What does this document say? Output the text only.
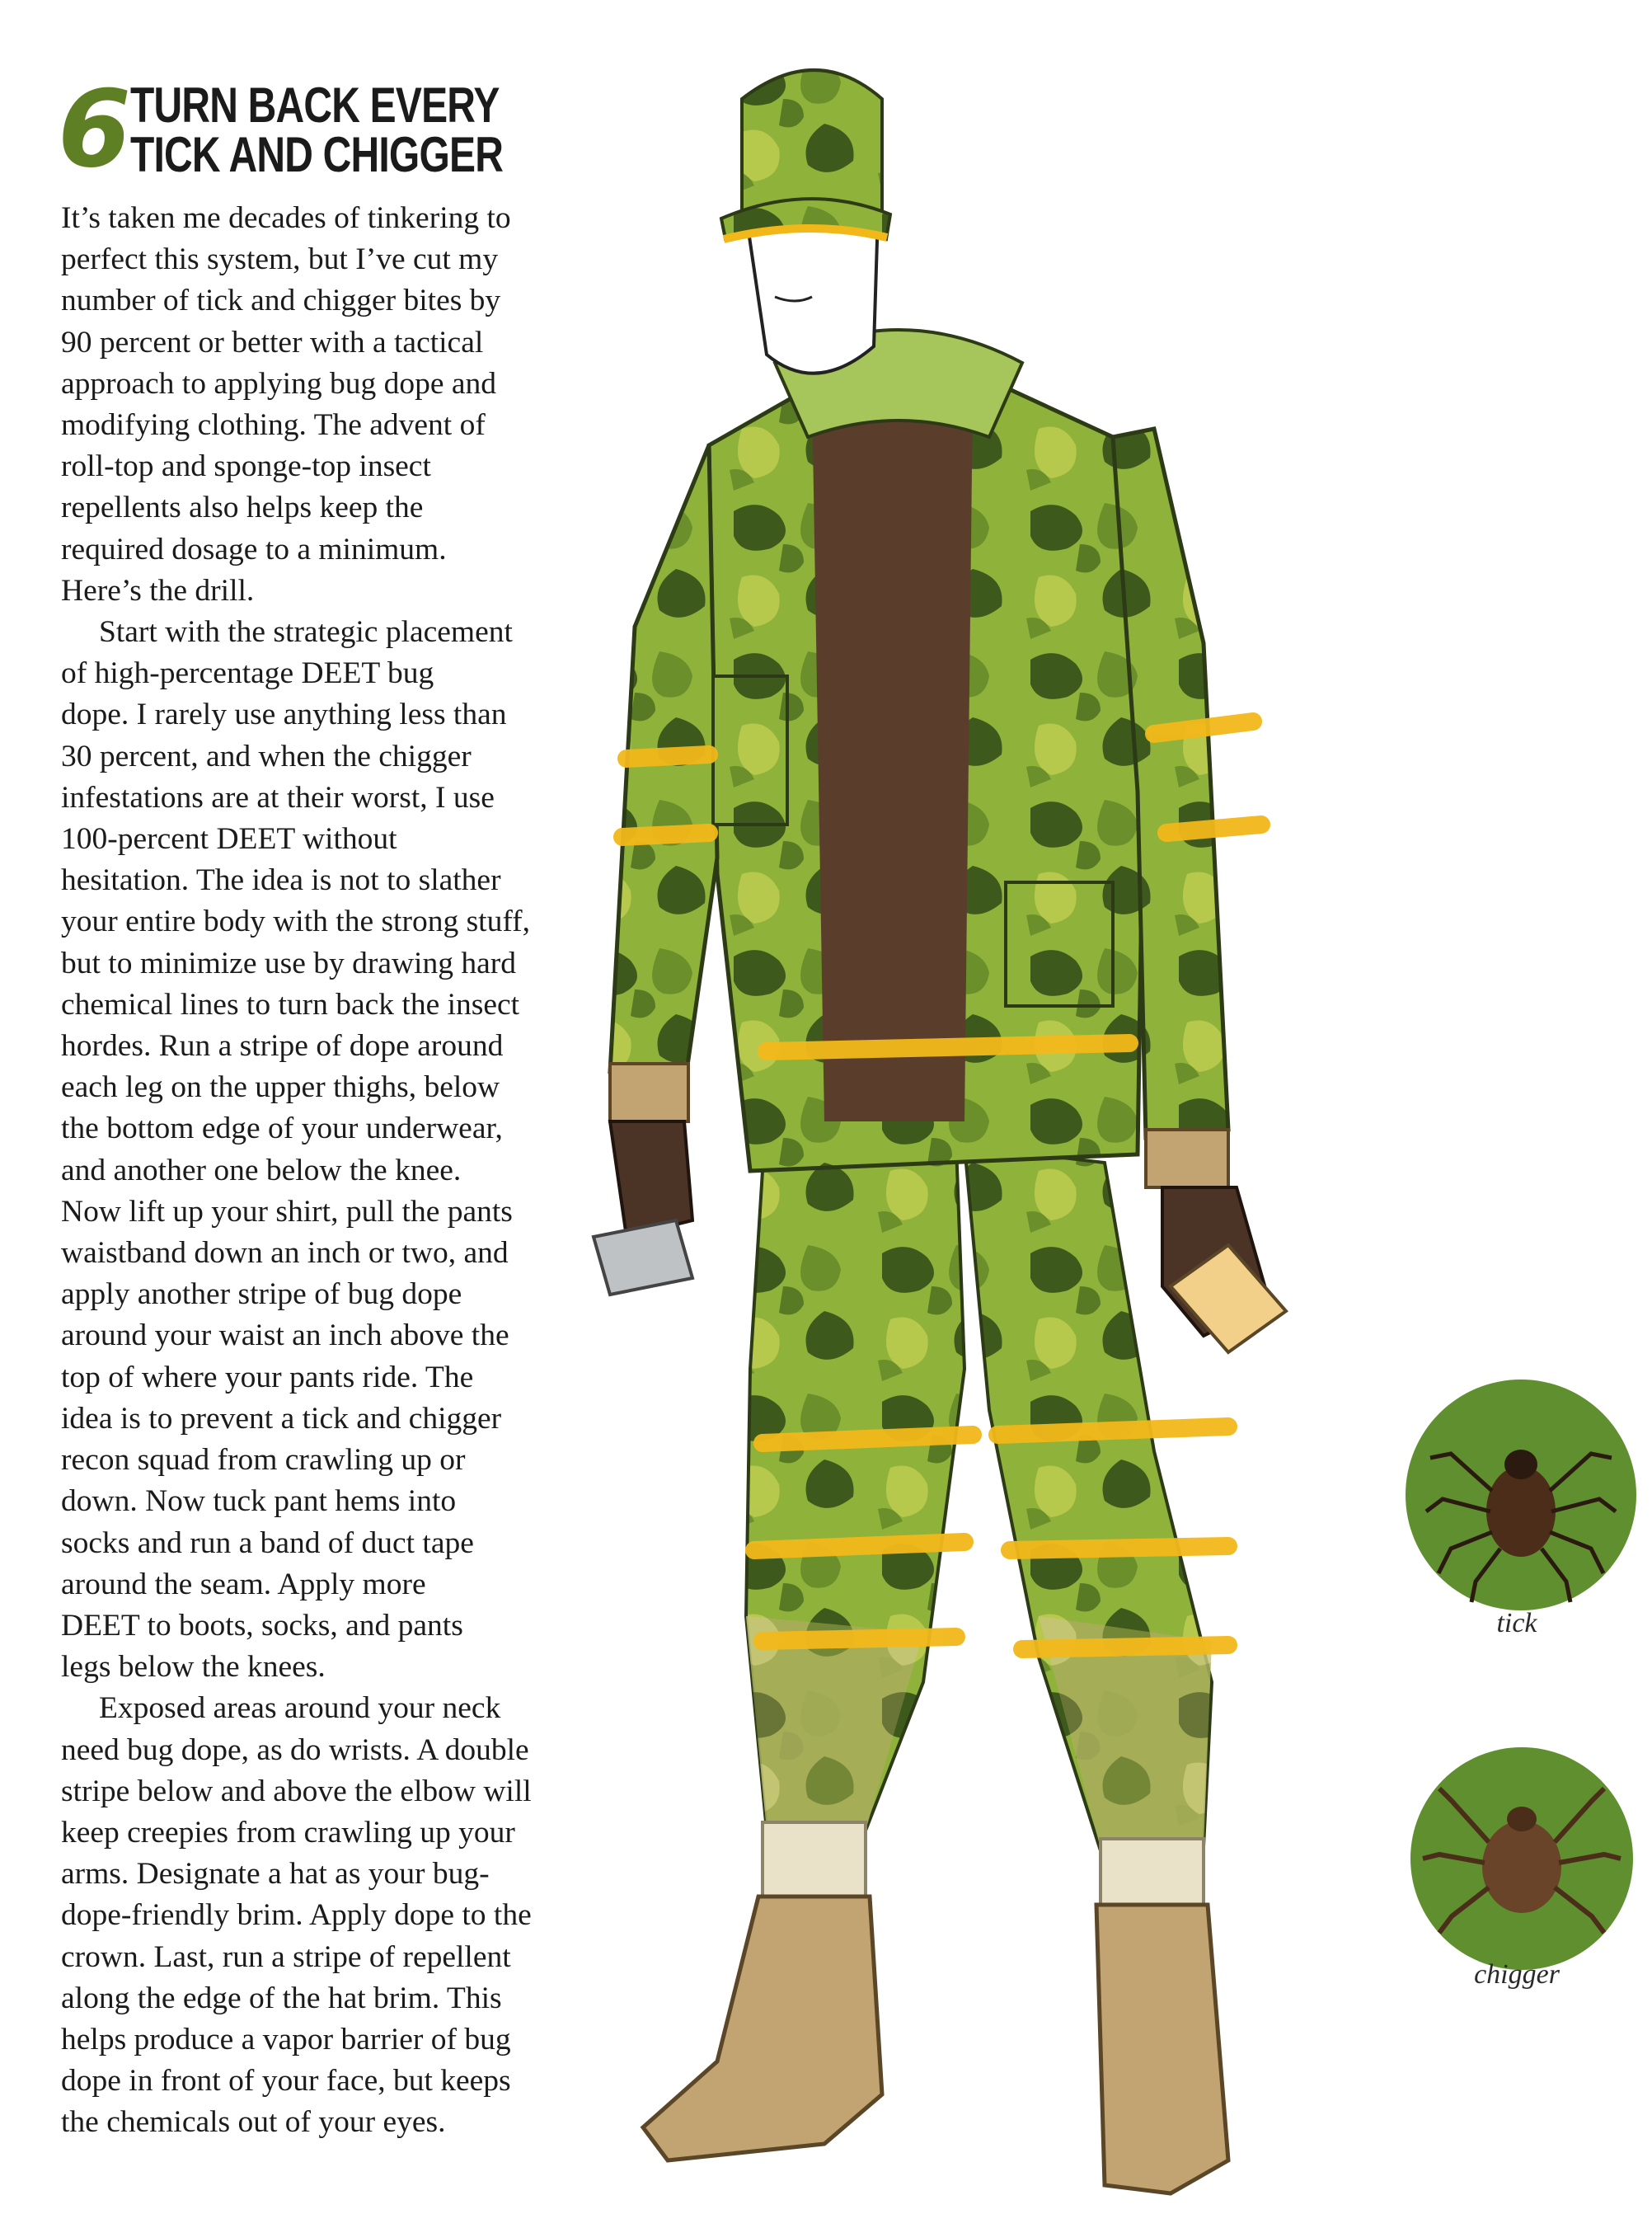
6 TURN BACK EVERY
TICK AND CHIGGER

It’s taken me decades of tinkering to
perfect this system, but I’ve cut my
number of tick and chigger bites by
90 percent or better with a tactical
approach to applying bug dope and
modifying clothing. The advent of
roll-top and sponge-top insect
repellents also helps keep the
required dosage to a minimum.
Here’s the drill.

Start with the strategic placement
of high-percentage DEET bug
dope. I rarely use anything less than
30 percent, and when the chigger
infestations are at their worst, I use
100-percent DEET without
hesitation. The idea is not to slather
your entire body with the strong stuff,
but to minimize use by drawing hard
chemical lines to turn back the insect
hordes. Run a stripe of dope around
each leg on the upper thighs, below
the bottom edge of your underwear,
and another one below the knee.
Now lift up your shirt, pull the pants
waistband down an inch or two, and
apply another stripe of bug dope
around your waist an inch above the
top of where your pants ride. The
idea is to prevent a tick and chigger
recon squad from crawling up or
down. Now tuck pant hems into
socks and run a band of duct tape
around the seam. Apply more
DEET to boots, socks, and pants
legs below the knees.

Exposed areas around your neck
need bug dope, as do wrists. A double
stripe below and above the elbow will
keep creepies from crawling up your
arms. Designate a hat as your bug-
dope-friendly brim. Apply dope to the
crown. Last, run a stripe of repellent
along the edge of the hat brim. This
helps produce a vapor barrier of bug
dope in front of your face, but keeps
the chemicals out of your eyes.

tick
chigger
